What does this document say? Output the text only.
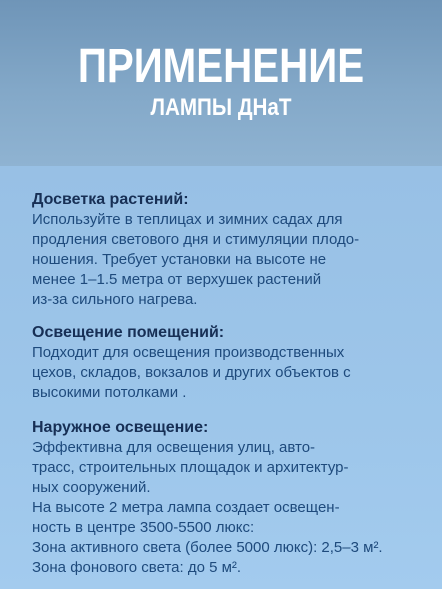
ПРИМЕНЕНИЕ
ЛАМПЫ ДНаТ

Досветка растений:

Используйте в теплицах и зимних садах для
продления светового дня и стимуляции плодо-
ношения. Требует установки на высоте не
менее 1–1.5 метра от верхушек растений
из-за сильного нагрева.

Освещение помещений:

Подходит для освещения производственных
цехов, складов, вокзалов и других объектов с
высокими потолками .

Наружное освещение:

Эффективна для освещения улиц, авто-
трасс, строительных площадок и архитектур-
ных сооружений.
На высоте 2 метра лампа создает освещен-
ность в центре 3500-5500 люкс:
Зона активного света (более 5000 люкс): 2,5–3 м².
Зона фонового света: до 5 м².
